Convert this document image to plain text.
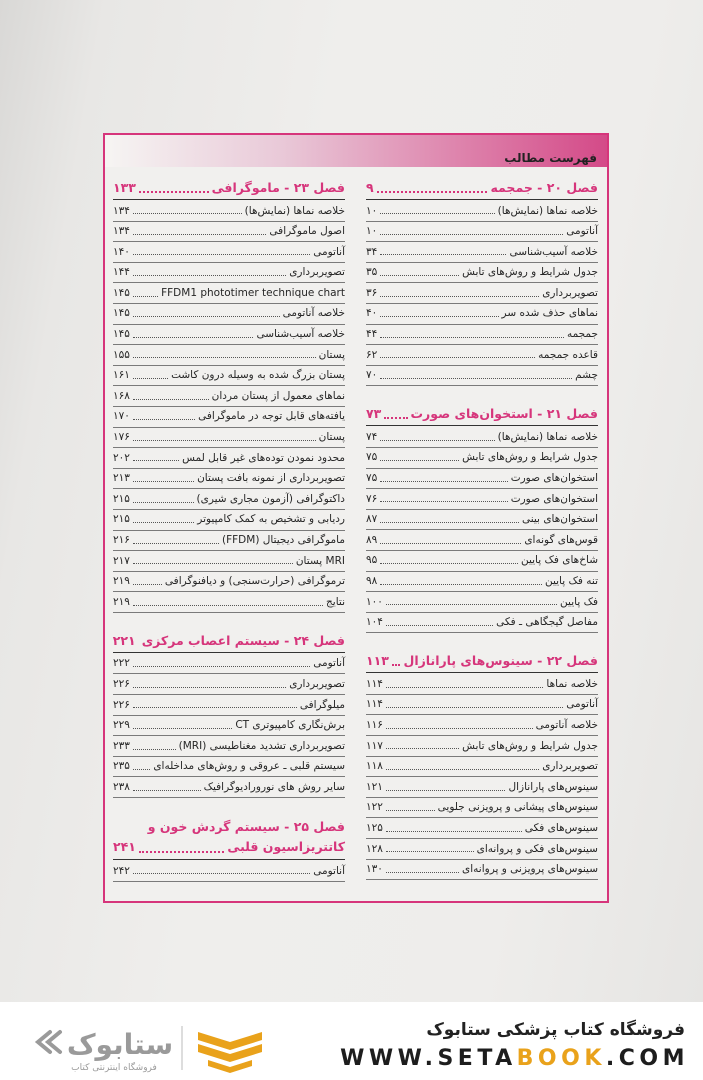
فهرست مطالب
فصل ۲۰ - جمجمه
۹
خلاصه نماها (نمایش‌ها)
۱۰
آناتومی
۱۰
خلاصه آسیب‌شناسی
۳۴
جدول شرایط و روش‌های تابش
۳۵
تصویربرداری
۳۶
نماهای حذف شده سر
۴۰
جمجمه
۴۴
قاعده جمجمه
۶۲
چشم
۷۰
فصل ۲۱ - استخوان‌های صورت
۷۳
خلاصه نماها (نمایش‌ها)
۷۴
جدول شرایط و روش‌های تابش
۷۵
استخوان‌های صورت
۷۵
استخوان‌های صورت
۷۶
استخوان‌های بینی
۸۷
قوس‌های گونه‌ای
۸۹
شاخ‌های فک پایین
۹۵
تنه فک پایین
۹۸
فک پایین
۱۰۰
مفاصل گیجگاهی ـ فکی
۱۰۴
فصل ۲۲ - سینوس‌های پارانازال
۱۱۳
خلاصه نماها
۱۱۴
آناتومی
۱۱۴
خلاصه آناتومی
۱۱۶
جدول شرایط و روش‌های تابش
۱۱۷
تصویربرداری
۱۱۸
سینوس‌های پارانازال
۱۲۱
سینوس‌های پیشانی و پرویزنی جلویی
۱۲۲
سینوس‌های فکی
۱۲۵
سینوس‌های فکی و پروانه‌ای
۱۲۸
سینوس‌های پرویزنی و پروانه‌ای
۱۳۰
فصل ۲۳ - ماموگرافی
۱۳۳
خلاصه نماها (نمایش‌ها)
۱۳۴
اصول ماموگرافی
۱۳۴
آناتومی
۱۴۰
تصویربرداری
۱۴۴
FFDM1 phototimer technique chart
۱۴۵
خلاصه آناتومی
۱۴۵
خلاصه آسیب‌شناسی
۱۴۵
پستان
۱۵۵
پستان بزرگ شده به وسیله درون کاشت
۱۶۱
نماهای معمول از پستان مردان
۱۶۸
یافته‌های قابل توجه در ماموگرافی
۱۷۰
پستان
۱۷۶
محدود نمودن توده‌های غیر قابل لمس
۲۰۲
تصویربرداری از نمونه بافت پستان
۲۱۳
داکتوگرافی (آزمون مجاری شیری)
۲۱۵
ردیابی و تشخیص به کمک کامپیوتر
۲۱۵
ماموگرافی دیجیتال (FFDM)
۲۱۶
MRI پستان
۲۱۷
ترموگرافی (حرارت‌سنجی) و دیافنوگرافی
۲۱۹
نتایج
۲۱۹
فصل ۲۴ - سیستم اعصاب مرکزی
۲۲۱
آناتومی
۲۲۲
تصویربرداری
۲۲۶
میلوگرافی
۲۲۶
برش‌نگاری کامپیوتری CT
۲۲۹
تصویربرداری تشدید مغناطیسی (MRI)
۲۳۳
سیستم قلبی ـ عروقی و روش‌های مداخله‌ای
۲۳۵
سایر روش های نورورادیوگرافیک
۲۳۸
فصل ۲۵ - سیستم گردش خون و
کاتتریزاسیون قلبی
۲۴۱
آناتومی
۲۴۲
ستابوک
فروشگاه اینترنتی کتاب
فروشگاه کتاب پزشکی ستابوک
WWW.SETABOOK.COM
